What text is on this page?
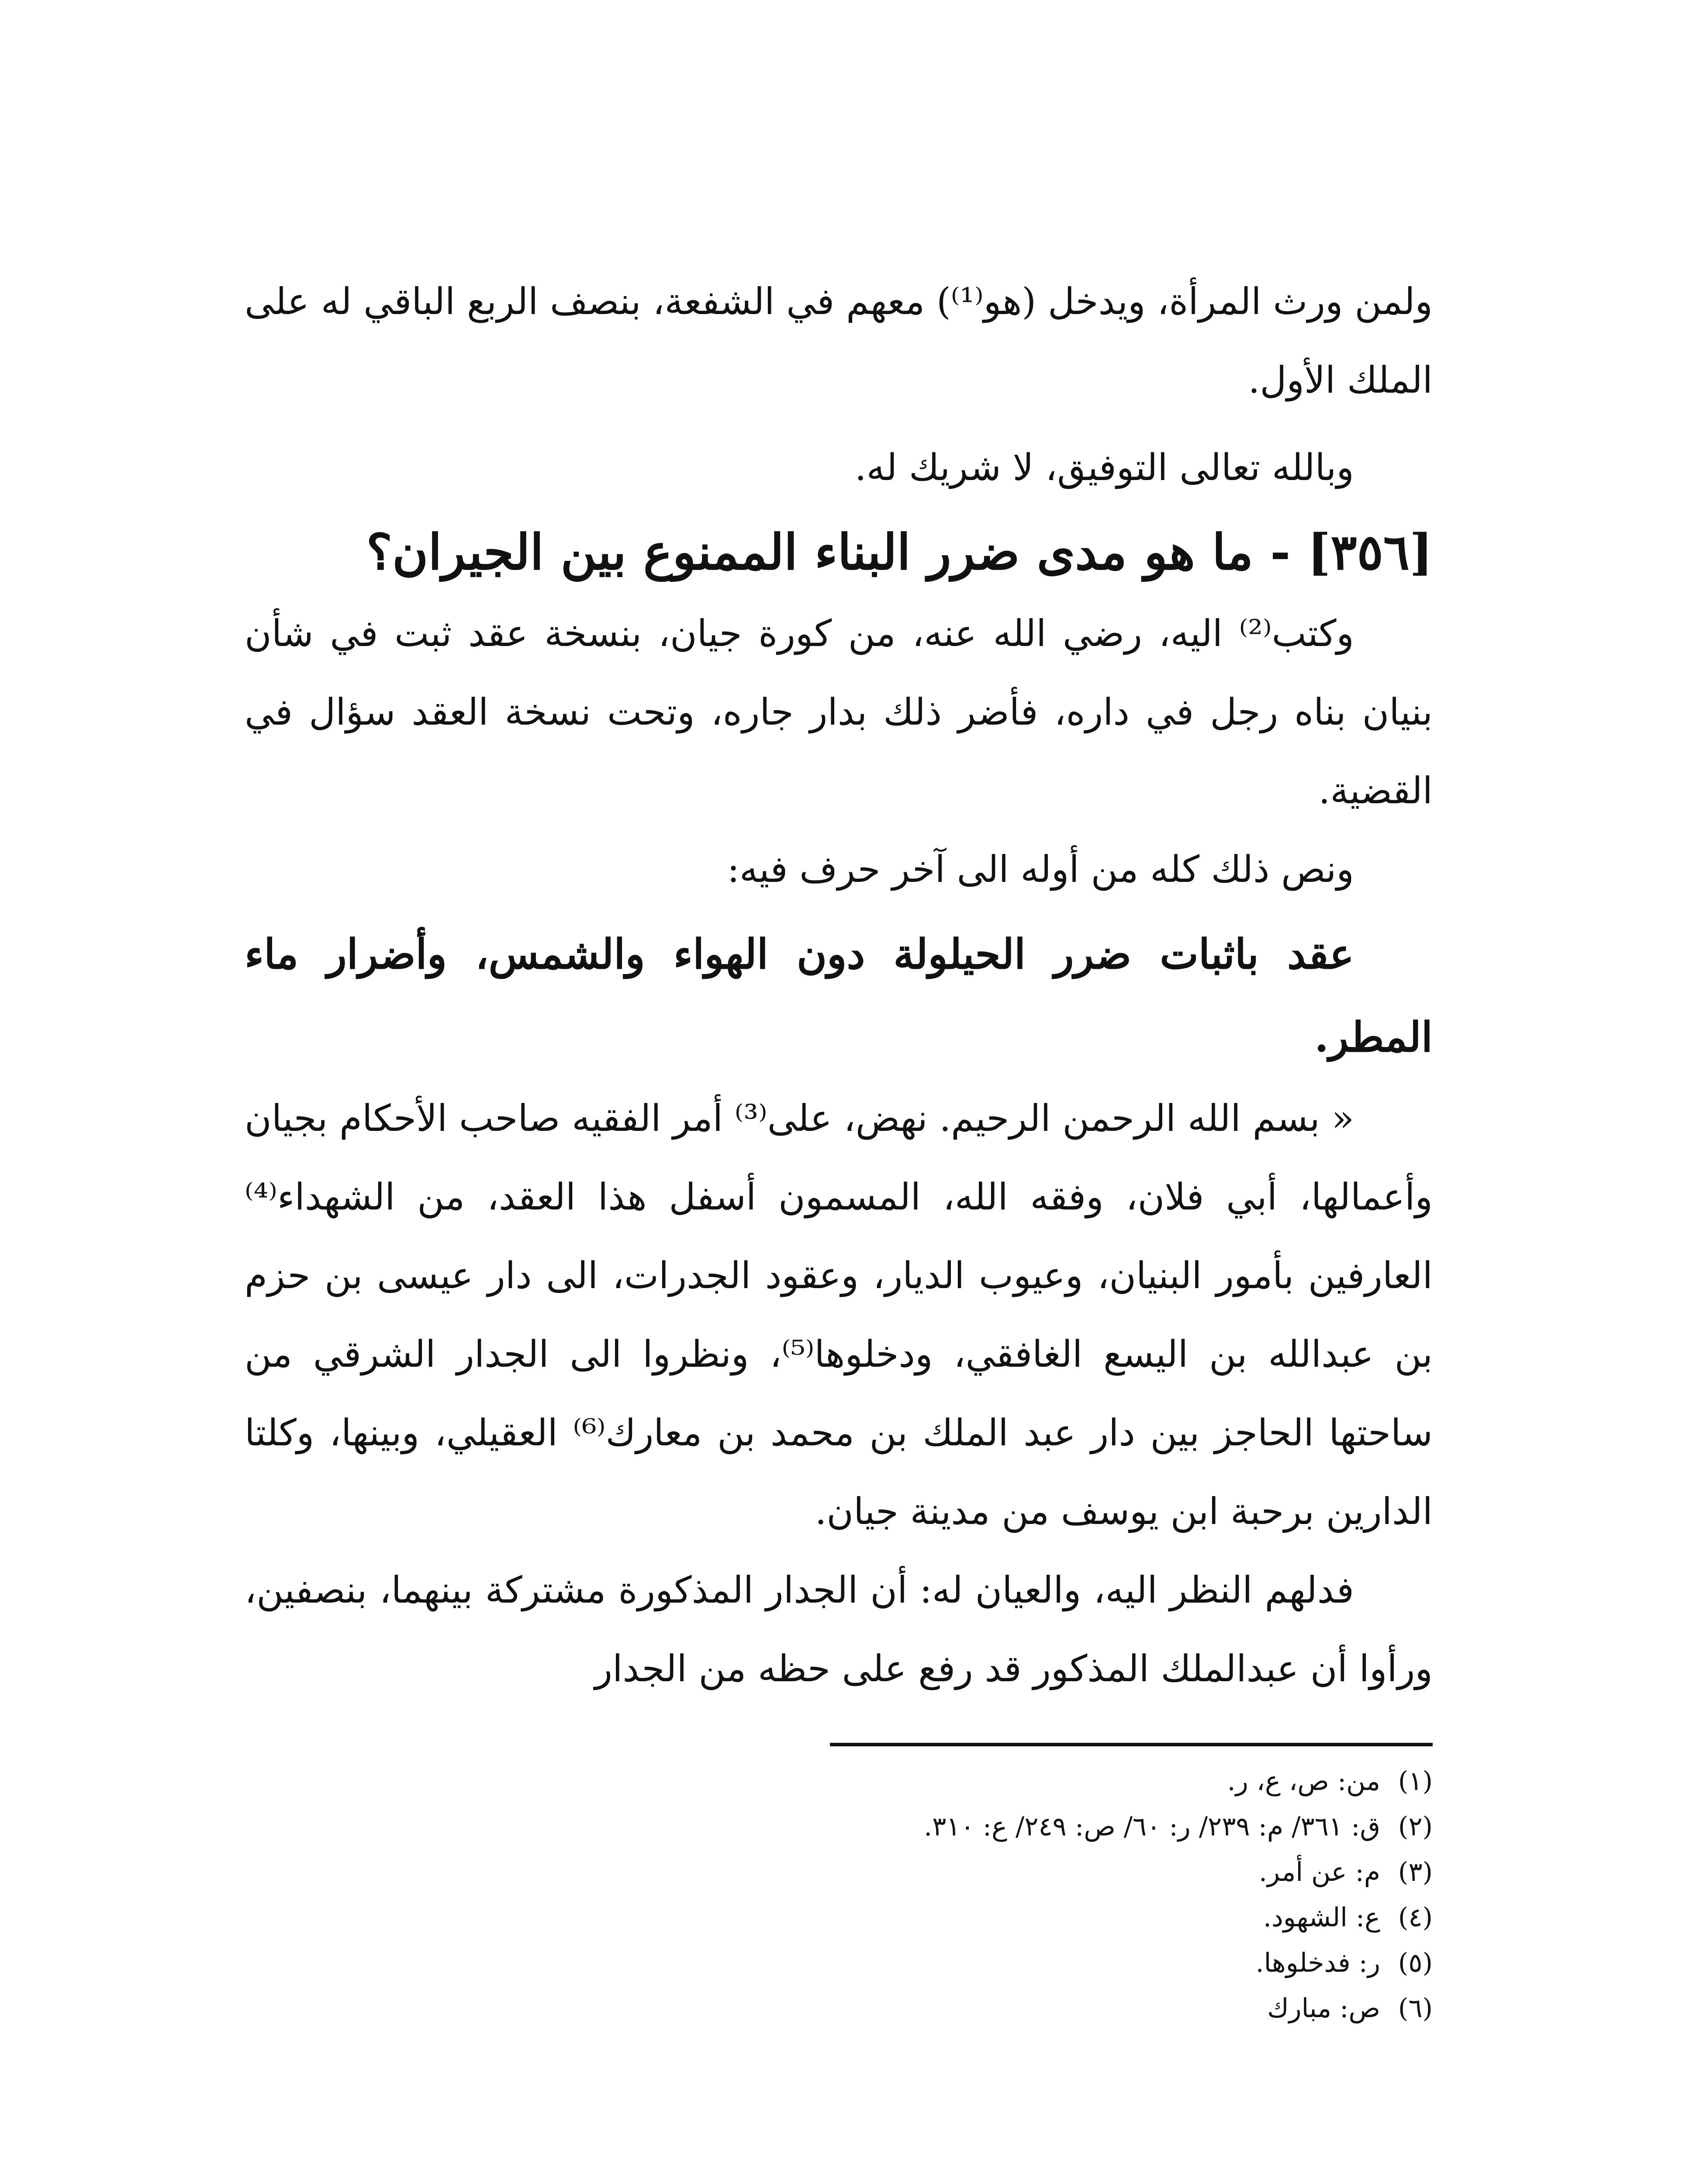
ولمن ورث المرأة، ويدخل (هو⁽¹⁾) معهم في الشفعة، بنصف الربع الباقي له على الملك الأول.

وبالله تعالى التوفيق، لا شريك له.

[٣٥٦] - ما هو مدى ضرر البناء الممنوع بين الجيران؟

وكتب⁽²⁾ اليه، رضي الله عنه، من كورة جيان، بنسخة عقد ثبت في شأن بنيان بناه رجل في داره، فأضر ذلك بدار جاره، وتحت نسخة العقد سؤال في القضية.

ونص ذلك كله من أوله الى آخر حرف فيه:

عقد باثبات ضرر الحيلولة دون الهواء والشمس، وأضرار ماء المطر.

« بسم الله الرحمن الرحيم. نهض، على⁽³⁾ أمر الفقيه صاحب الأحكام بجيان وأعمالها، أبي فلان، وفقه الله، المسمون أسفل هذا العقد، من الشهداء⁽⁴⁾ العارفين بأمور البنيان، وعيوب الديار، وعقود الجدرات، الى دار عيسى بن حزم بن عبدالله بن اليسع الغافقي، ودخلوها⁽⁵⁾، ونظروا الى الجدار الشرقي من ساحتها الحاجز بين دار عبد الملك بن محمد بن معارك⁽⁶⁾ العقيلي، وبينها، وكلتا الدارين برحبة ابن يوسف من مدينة جيان.

فدلهم النظر اليه، والعيان له: أن الجدار المذكورة مشتركة بينهما، بنصفين، ورأوا أن عبدالملك المذكور قد رفع على حظه من الجدار

(١)من: ص، ع، ر.
(٢)ق: ٣٦١/ م: ٢٣٩/ ر: ٦٠/ ص: ٢٤٩/ ع: ٣١٠.
(٣)م: عن أمر.
(٤)ع: الشهود.
(٥)ر: فدخلوها.
(٦)ص: مبارك
